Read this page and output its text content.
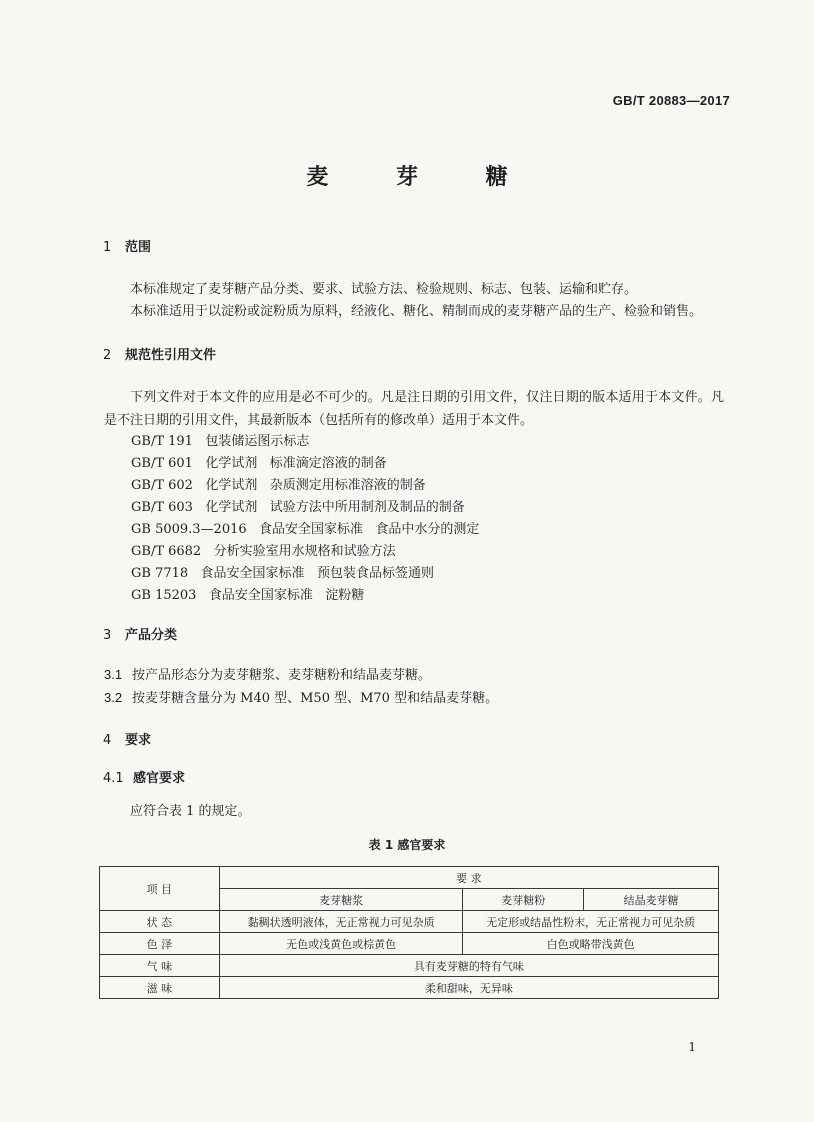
GB/T 20883—2017
麦 芽 糖
1 范围
本标准规定了麦芽糖产品分类、要求、试验方法、检验规则、标志、包装、运输和贮存。
本标准适用于以淀粉或淀粉质为原料，经液化、糖化、精制而成的麦芽糖产品的生产、检验和销售。
2 规范性引用文件
下列文件对于本文件的应用是必不可少的。凡是注日期的引用文件，仅注日期的版本适用于本文件。凡是不注日期的引用文件，其最新版本（包括所有的修改单）适用于本文件。
GB/T 191   包装储运图示标志
GB/T 601   化学试剂   标准滴定溶液的制备
GB/T 602   化学试剂   杂质测定用标准溶液的制备
GB/T 603   化学试剂   试验方法中所用制剂及制品的制备
GB 5009.3—2016   食品安全国家标准   食品中水分的测定
GB/T 6682   分析实验室用水规格和试验方法
GB 7718   食品安全国家标准   预包装食品标签通则
GB 15203   食品安全国家标准   淀粉糖
3 产品分类
3.1 按产品形态分为麦芽糖浆、麦芽糖粉和结晶麦芽糖。
3.2 按麦芽糖含量分为 M40 型、M50 型、M70 型和结晶麦芽糖。
4 要求
4.1 感官要求
应符合表 1 的规定。
表 1 感官要求
项 目	要 求		
	麦芽糖浆	麦芽糖粉	结晶麦芽糖
状 态	黏稠状透明液体，无正常视力可见杂质	无定形或结晶性粉末，无正常视力可见杂质	
色 泽	无色或浅黄色或棕黄色	白色或略带浅黄色	
气 味	具有麦芽糖的特有气味		
滋 味	柔和甜味，无异味		
1
